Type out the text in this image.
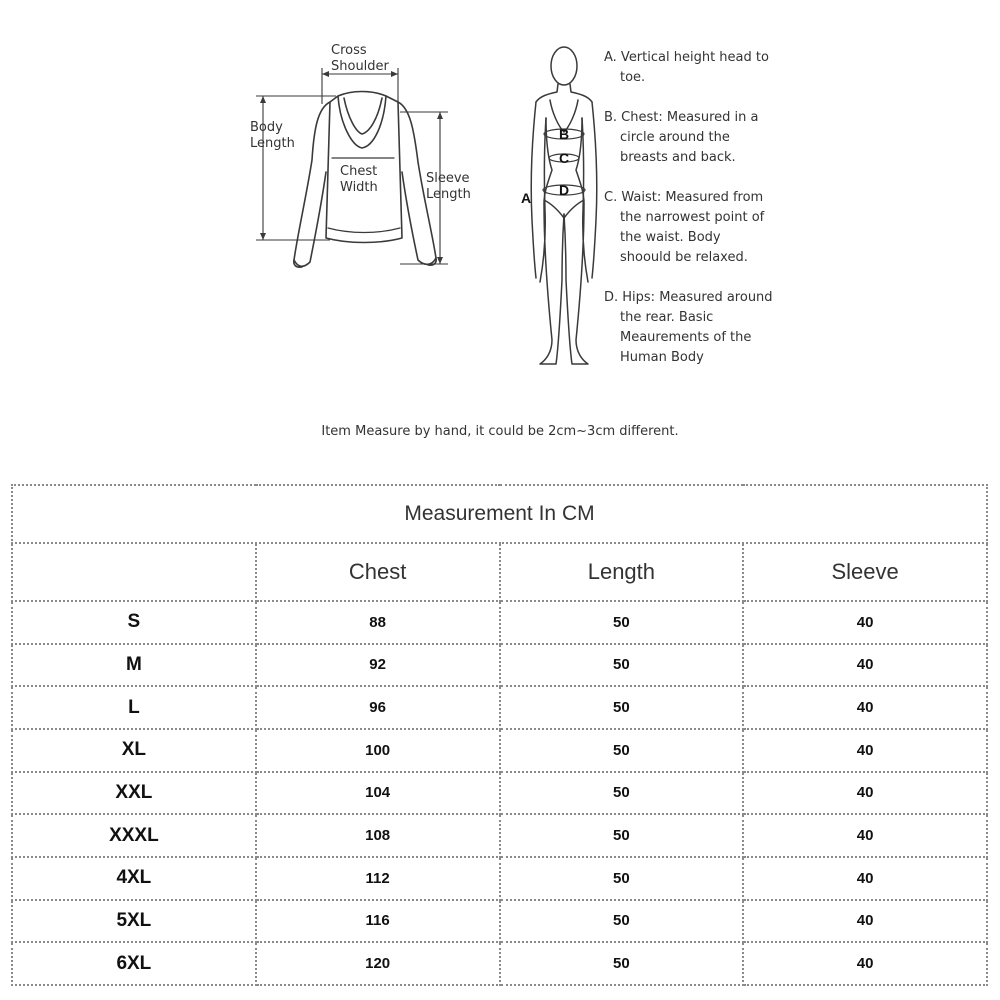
Cross
Shoulder
Body
Length
Chest
Width
Sleeve
Length
B
C
D
A

A. Vertical height head to toe.

B. Chest: Measured in a circle around the breasts and back.

C. Waist: Measured from the narrowest point of the waist. Body shoould be relaxed.

D. Hips: Measured around the rear. Basic Meaurements of the Human Body

Item Measure by hand, it could be 2cm~3cm different.
Measurement In CM			
	Chest	Length	Sleeve
S	88	50	40
M	92	50	40
L	96	50	40
XL	100	50	40
XXL	104	50	40
XXXL	108	50	40
4XL	112	50	40
5XL	116	50	40
6XL	120	50	40
